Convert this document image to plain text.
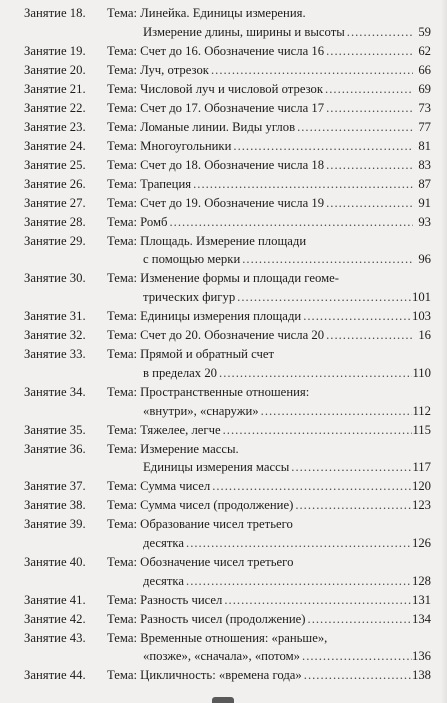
Занятие 18.	Тема: Линейка. Единицы измерения.
Измерение длины, ширины и высоты .....	59
Занятие 19.	Тема: Счет до 16. Обозначение числа 16 .....	62
Занятие 20.	Тема: Луч, отрезок .....	66
Занятие 21.	Тема: Числовой луч и числовой отрезок .....	69
Занятие 22.	Тема: Счет до 17. Обозначение числа 17 .....	73
Занятие 23.	Тема: Ломаные линии. Виды углов .....	77
Занятие 24.	Тема: Многоугольники .....	81
Занятие 25.	Тема: Счет до 18. Обозначение числа 18 .....	83
Занятие 26.	Тема: Трапеция .....	87
Занятие 27.	Тема: Счет до 19. Обозначение числа 19 .....	91
Занятие 28.	Тема: Ромб .....	93
Занятие 29.	Тема: Площадь. Измерение площади
с помощью мерки .....	96
Занятие 30.	Тема: Изменение формы и площади геоме-
трических фигур .....	101
Занятие 31.	Тема: Единицы измерения площади .....	103
Занятие 32.	Тема: Счет до 20. Обозначение числа 20 .....	16
Занятие 33.	Тема: Прямой и обратный счет
в пределах 20 .....	110
Занятие 34.	Тема: Пространственные отношения:
«внутри», «снаружи» .....	112
Занятие 35.	Тема: Тяжелее, легче .....	115
Занятие 36.	Тема: Измерение массы.
Единицы измерения массы .....	117
Занятие 37.	Тема: Сумма чисел .....	120
Занятие 38.	Тема: Сумма чисел (продолжение) .....	123
Занятие 39.	Тема: Образование чисел третьего
десятка .....	126
Занятие 40.	Тема: Обозначение чисел третьего
десятка .....	128
Занятие 41.	Тема: Разность чисел .....	131
Занятие 42.	Тема: Разность чисел (продолжение) .....	134
Занятие 43.	Тема: Временные отношения: «раньше»,
«позже», «сначала», «потом» .....	136
Занятие 44.	Тема: Цикличность: «времена года» .....	138
